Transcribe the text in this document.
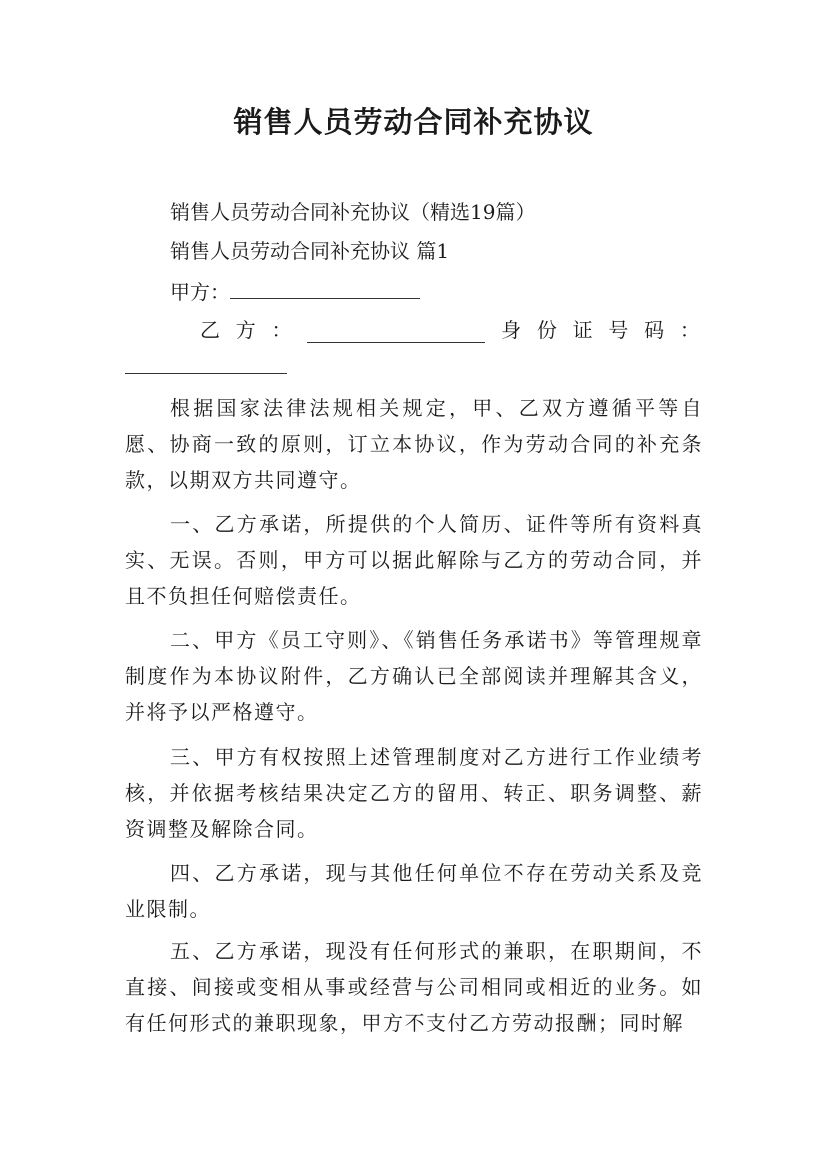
销售人员劳动合同补充协议
销售人员劳动合同补充协议（精选19篇）
销售人员劳动合同补充协议 篇1
甲方：
乙 方 ：	身 份 证 号 码 ：

根据国家法律法规相关规定，甲、乙双方遵循平等自愿、协商一致的原则，订立本协议，作为劳动合同的补充条款，以期双方共同遵守。

一、乙方承诺，所提供的个人简历、证件等所有资料真实、无误。否则，甲方可以据此解除与乙方的劳动合同，并且不负担任何赔偿责任。

二、甲方《员工守则》、《销售任务承诺书》等管理规章制度作为本协议附件，乙方确认已全部阅读并理解其含义，并将予以严格遵守。

三、甲方有权按照上述管理制度对乙方进行工作业绩考核，并依据考核结果决定乙方的留用、转正、职务调整、薪资调整及解除合同。

四、乙方承诺，现与其他任何单位不存在劳动关系及竞业限制。

五、乙方承诺，现没有任何形式的兼职，在职期间，不直接、间接或变相从事或经营与公司相同或相近的业务。如有任何形式的兼职现象，甲方不支付乙方劳动报酬；同时解
